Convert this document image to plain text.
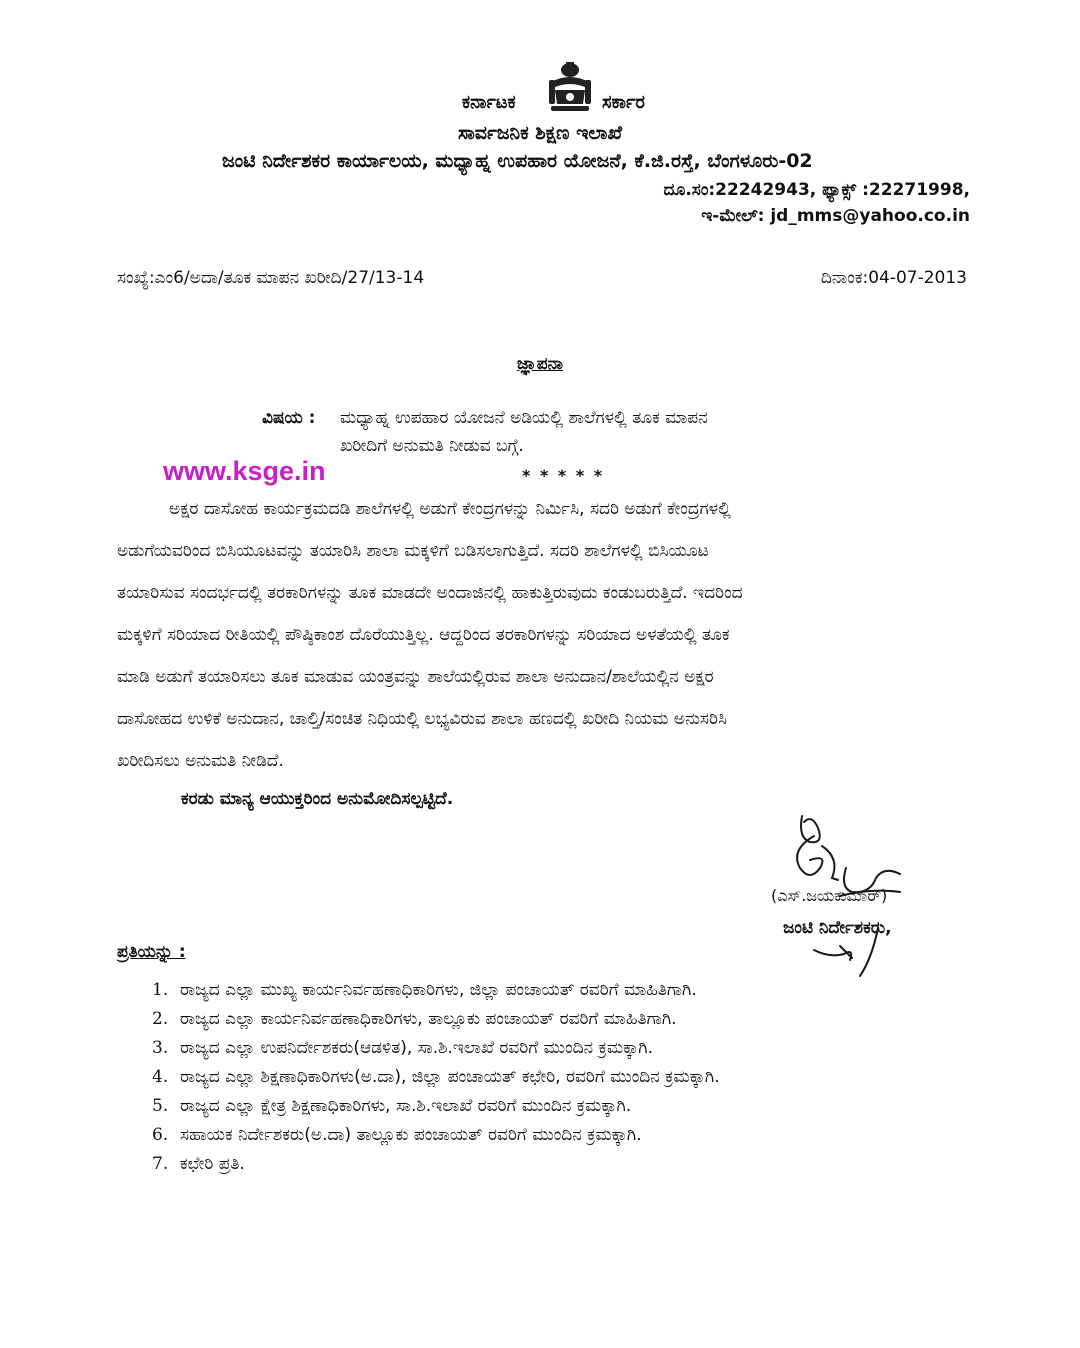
ಕರ್ನಾಟಕ	ಸರ್ಕಾರ
ಸಾರ್ವಜನಿಕ ಶಿಕ್ಷಣ ಇಲಾಖೆ
ಜಂಟಿ ನಿರ್ದೇಶಕರ ಕಾರ್ಯಾಲಯ, ಮಧ್ಯಾಹ್ನ ಉಪಹಾರ ಯೋಜನೆ, ಕೆ.ಜಿ.ರಸ್ತೆ, ಬೆಂಗಳೂರು-02
ದೂ.ಸಂ:22242943, ಫ್ಯಾಕ್ಸ್ :22271998,
ಇ-ಮೇಲ್: jd_mms@yahoo.co.in
ಸಂಖ್ಯೆ:ಎಂ6/ಅದಾ/ತೂಕ ಮಾಪನ ಖರೀದಿ/27/13-14	ದಿನಾಂಕ:04-07-2013
ಜ್ಞಾಪನಾ
ವಿಷಯ : ಮಧ್ಯಾಹ್ನ ಉಪಹಾರ ಯೋಜನೆ ಅಡಿಯಲ್ಲಿ ಶಾಲೆಗಳಲ್ಲಿ ತೂಕ ಮಾಪನ
ಖರೀದಿಗೆ ಅನುಮತಿ ನೀಡುವ ಬಗ್ಗೆ.
www.ksge.in	* * * * *
ಅಕ್ಷರ ದಾಸೋಹ ಕಾರ್ಯಕ್ರಮದಡಿ ಶಾಲೆಗಳಲ್ಲಿ ಅಡುಗೆ ಕೇಂದ್ರಗಳನ್ನು ನಿರ್ಮಿಸಿ, ಸದರಿ ಅಡುಗೆ ಕೇಂದ್ರಗಳಲ್ಲಿ
ಅಡುಗೆಯವರಿಂದ ಬಿಸಿಯೂಟವನ್ನು ತಯಾರಿಸಿ ಶಾಲಾ ಮಕ್ಕಳಿಗೆ ಬಡಿಸಲಾಗುತ್ತಿದೆ. ಸದರಿ ಶಾಲೆಗಳಲ್ಲಿ ಬಿಸಿಯೂಟ
ತಯಾರಿಸುವ ಸಂದರ್ಭದಲ್ಲಿ ತರಕಾರಿಗಳನ್ನು ತೂಕ ಮಾಡದೇ ಅಂದಾಜಿನಲ್ಲಿ ಹಾಕುತ್ತಿರುವುದು ಕಂಡುಬರುತ್ತಿದೆ. ಇದರಿಂದ
ಮಕ್ಕಳಿಗೆ ಸರಿಯಾದ ರೀತಿಯಲ್ಲಿ ಪೌಷ್ಠಿಕಾಂಶ ದೊರೆಯುತ್ತಿಲ್ಲ. ಆದ್ದರಿಂದ ತರಕಾರಿಗಳನ್ನು ಸರಿಯಾದ ಅಳತೆಯಲ್ಲಿ ತೂಕ
ಮಾಡಿ ಅಡುಗೆ ತಯಾರಿಸಲು ತೂಕ ಮಾಡುವ ಯಂತ್ರವನ್ನು ಶಾಲೆಯಲ್ಲಿರುವ ಶಾಲಾ ಅನುದಾನ/ಶಾಲೆಯಲ್ಲಿನ ಅಕ್ಷರ
ದಾಸೋಹದ ಉಳಿಕೆ ಅನುದಾನ, ಚಾಲ್ತಿ/ಸಂಚಿತ ನಿಧಿಯಲ್ಲಿ ಲಭ್ಯವಿರುವ ಶಾಲಾ ಹಣದಲ್ಲಿ ಖರೀದಿ ನಿಯಮ ಅನುಸರಿಸಿ
ಖರೀದಿಸಲು ಅನುಮತಿ ನೀಡಿದೆ.
ಕರಡು ಮಾನ್ಯ ಆಯುಕ್ತರಿಂದ ಅನುಮೋದಿಸಲ್ಪಟ್ಟಿದೆ.
(ಎಸ್.ಜಯಕುಮಾರ್)
ಜಂಟಿ ನಿರ್ದೇಶಕರು,
ಪ್ರತಿಯನ್ನು :
1. ರಾಜ್ಯದ ಎಲ್ಲಾ ಮುಖ್ಯ ಕಾರ್ಯನಿರ್ವಹಣಾಧಿಕಾರಿಗಳು, ಜಿಲ್ಲಾ ಪಂಚಾಯತ್ ರವರಿಗೆ ಮಾಹಿತಿಗಾಗಿ.
2. ರಾಜ್ಯದ ಎಲ್ಲಾ ಕಾರ್ಯನಿರ್ವಹಣಾಧಿಕಾರಿಗಳು, ತಾಲ್ಲೂಕು ಪಂಚಾಯತ್ ರವರಿಗೆ ಮಾಹಿತಿಗಾಗಿ.
3. ರಾಜ್ಯದ ಎಲ್ಲಾ ಉಪನಿರ್ದೇಶಕರು(ಆಡಳಿತ), ಸಾ.ಶಿ.ಇಲಾಖೆ ರವರಿಗೆ ಮುಂದಿನ ಕ್ರಮಕ್ಕಾಗಿ.
4. ರಾಜ್ಯದ ಎಲ್ಲಾ ಶಿಕ್ಷಣಾಧಿಕಾರಿಗಳು(ಅ.ದಾ), ಜಿಲ್ಲಾ ಪಂಚಾಯತ್ ಕಛೇರಿ, ರವರಿಗೆ ಮುಂದಿನ ಕ್ರಮಕ್ಕಾಗಿ.
5. ರಾಜ್ಯದ ಎಲ್ಲಾ ಕ್ಷೇತ್ರ ಶಿಕ್ಷಣಾಧಿಕಾರಿಗಳು, ಸಾ.ಶಿ.ಇಲಾಖೆ ರವರಿಗೆ ಮುಂದಿನ ಕ್ರಮಕ್ಕಾಗಿ.
6. ಸಹಾಯಕ ನಿರ್ದೇಶಕರು(ಅ.ದಾ) ತಾಲ್ಲೂಕು ಪಂಚಾಯತ್ ರವರಿಗೆ ಮುಂದಿನ ಕ್ರಮಕ್ಕಾಗಿ.
7. ಕಛೇರಿ ಪ್ರತಿ.
